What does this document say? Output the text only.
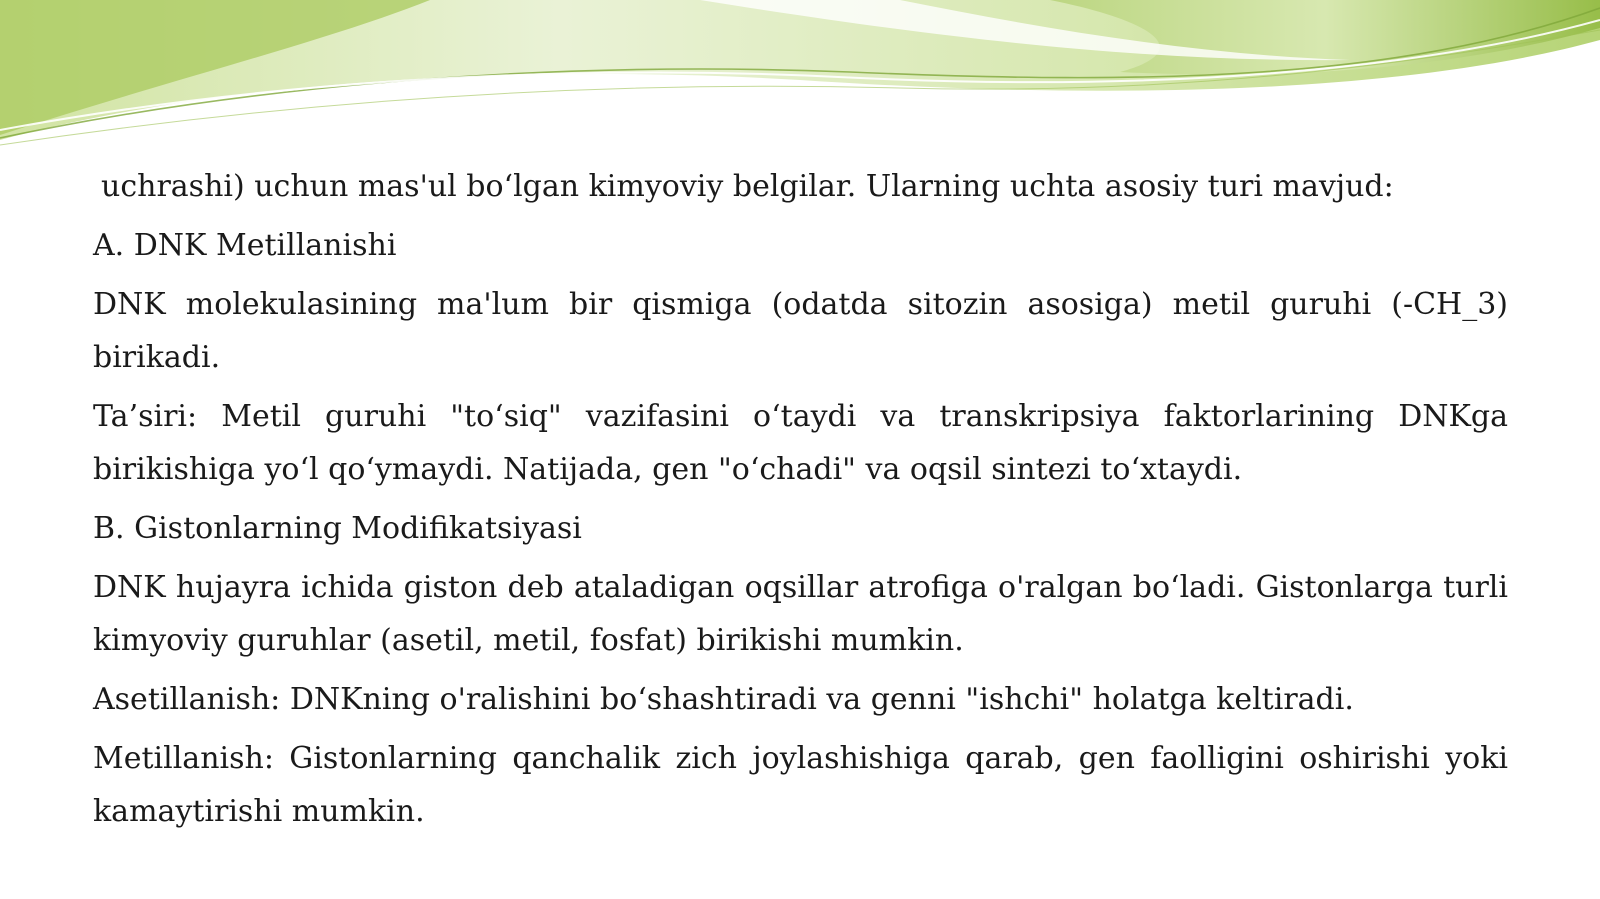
uchrashi) uchun mas'ul boʻlgan kimyoviy belgilar. Ularning uchta asosiy turi mavjud:

A. DNK Metillanishi

DNK molekulasining ma'lum bir qismiga (odatda sitozin asosiga) metil guruhi (-CH_3) birikadi.

Ta’siri: Metil guruhi "toʻsiq" vazifasini oʻtaydi va transkripsiya faktorlarining DNKga birikishiga yoʻl qoʻymaydi. Natijada, gen "oʻchadi" va oqsil sintezi toʻxtaydi.

B. Gistonlarning Modifikatsiyasi

DNK hujayra ichida giston deb ataladigan oqsillar atrofiga o'ralgan boʻladi. Gistonlarga turli kimyoviy guruhlar (asetil, metil, fosfat) birikishi mumkin.

Asetillanish: DNKning o'ralishini boʻshashtiradi va genni "ishchi" holatga keltiradi.

Metillanish: Gistonlarning qanchalik zich joylashishiga qarab, gen faolligini oshirishi yoki kamaytirishi mumkin.
